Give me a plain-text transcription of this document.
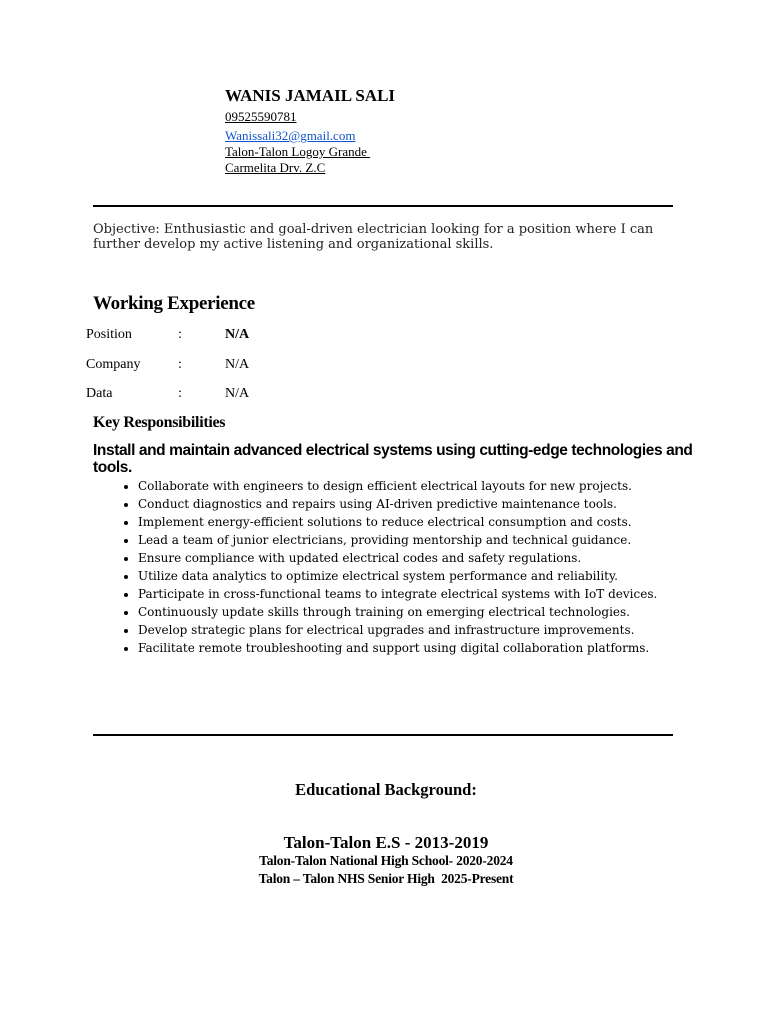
WANIS JAMAIL SALI
09525590781
Wanissali32@gmail.com
Talon-Talon Logoy Grande
Carmelita Drv. Z.C
Objective: Enthusiastic and goal-driven electrician looking for a position where I can further develop my active listening and organizational skills.
Working Experience
Position	:	N/A
Company	:	N/A
Data	:	N/A
Key Responsibilities
Install and maintain advanced electrical systems using cutting-edge technologies and tools.
• Collaborate with engineers to design efficient electrical layouts for new projects.
• Conduct diagnostics and repairs using AI-driven predictive maintenance tools.
• Implement energy-efficient solutions to reduce electrical consumption and costs.
• Lead a team of junior electricians, providing mentorship and technical guidance.
• Ensure compliance with updated electrical codes and safety regulations.
• Utilize data analytics to optimize electrical system performance and reliability.
• Participate in cross-functional teams to integrate electrical systems with IoT devices.
• Continuously update skills through training on emerging electrical technologies.
• Develop strategic plans for electrical upgrades and infrastructure improvements.
• Facilitate remote troubleshooting and support using digital collaboration platforms.
Educational Background:
Talon-Talon E.S - 2013-2019
Talon-Talon National High School- 2020-2024
Talon – Talon NHS Senior High  2025-Present
